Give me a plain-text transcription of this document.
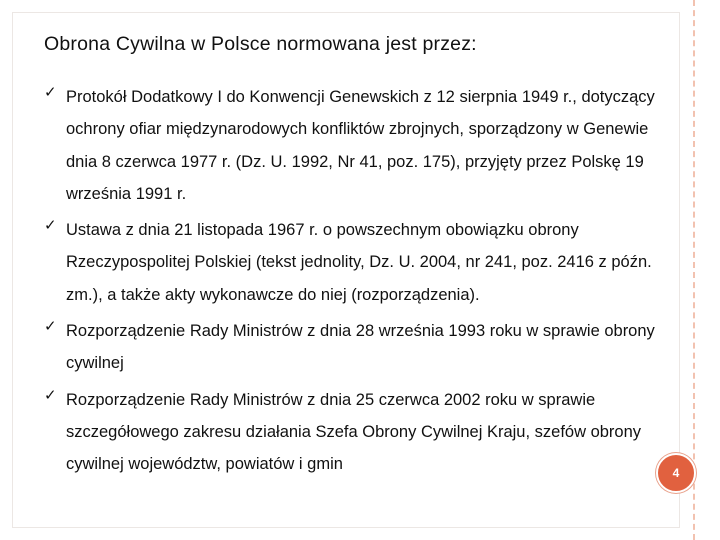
Obrona Cywilna w Polsce normowana jest przez:
✓ Protokół Dodatkowy I do Konwencji Genewskich z 12 sierpnia 1949 r., dotyczący ochrony ofiar międzynarodowych konfliktów zbrojnych, sporządzony w Genewie dnia 8 czerwca 1977 r. (Dz. U. 1992, Nr 41, poz. 175), przyjęty przez Polskę 19 września 1991 r.
✓ Ustawa z dnia 21 listopada 1967 r. o powszechnym obowiązku obrony Rzeczypospolitej Polskiej (tekst jednolity, Dz. U. 2004, nr 241, poz. 2416 z późn. zm.), a także akty wykonawcze do niej (rozporządzenia).
✓ Rozporządzenie Rady Ministrów z dnia 28 września 1993 roku w sprawie obrony cywilnej
✓ Rozporządzenie Rady Ministrów z dnia 25 czerwca 2002 roku w sprawie szczegółowego zakresu działania Szefa Obrony Cywilnej Kraju, szefów obrony cywilnej województw, powiatów i gmin	4
